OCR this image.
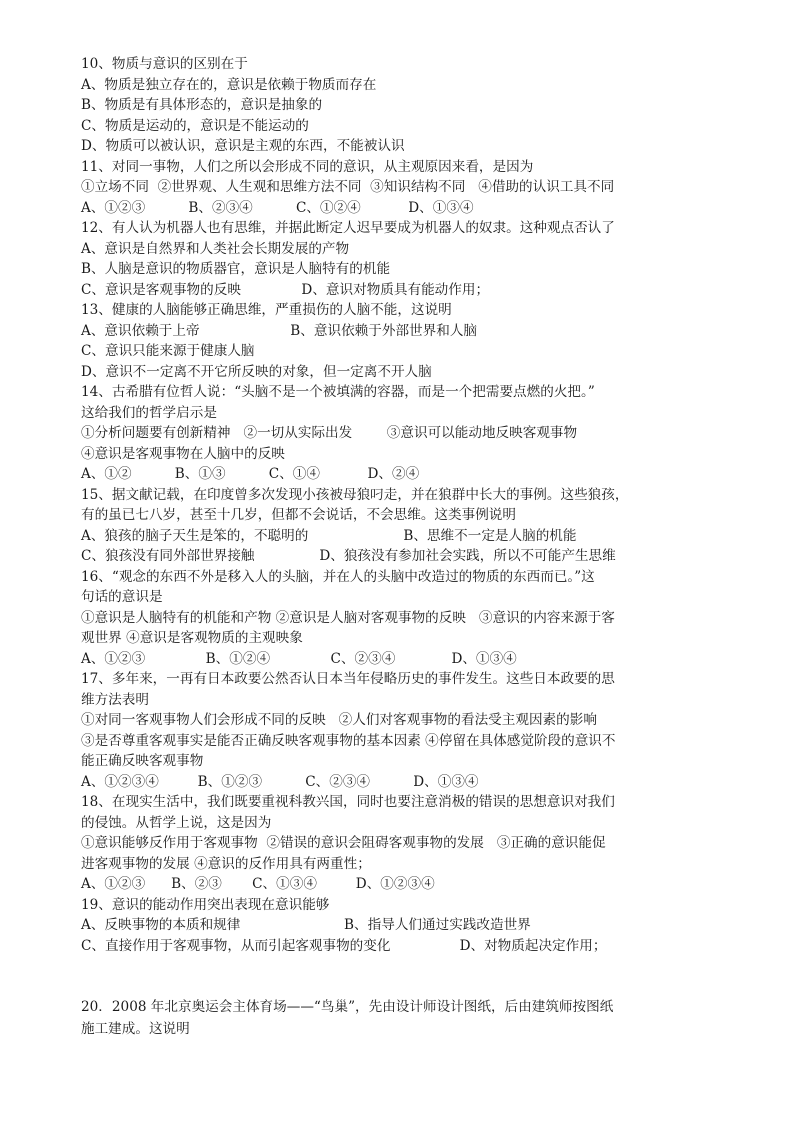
10、物质与意识的区别在于
A、物质是独立存在的，意识是依赖于物质而存在
B、物质是有具体形态的，意识是抽象的
C、物质是运动的，意识是不能运动的
D、物质可以被认识，意识是主观的东西，不能被认识
11、对同一事物，人们之所以会形成不同的意识，从主观原因来看，是因为
①立场不同  ②世界观、人生观和思维方法不同  ③知识结构不同   ④借助的认识工具不同
A、①②③          B、②③④          C、①②④           D、①③④
12、有人认为机器人也有思维，并据此断定人迟早要成为机器人的奴隶。这种观点否认了
A、意识是自然界和人类社会长期发展的产物
B、人脑是意识的物质器官，意识是人脑特有的机能
C、意识是客观事物的反映              D、意识对物质具有能动作用；
13、健康的人脑能够正确思维，严重损伤的人脑不能，这说明
A、意识依赖于上帝                     B、意识依赖于外部世界和人脑
C、意识只能来源于健康人脑
D、意识不一定离不开它所反映的对象，但一定离不开人脑
14、古希腊有位哲人说：“头脑不是一个被填满的容器，而是一个把需要点燃的火把。”
这给我们的哲学启示是
①分析问题要有创新精神   ②一切从实际出发        ③意识可以能动地反映客观事物
④意识是客观事物在人脑中的反映
A、①②          B、①③          C、①④           D、②④
15、据文献记载，在印度曾多次发现小孩被母狼叼走，并在狼群中长大的事例。这些狼孩，
有的虽已七八岁，甚至十几岁，但都不会说话，不会思维。这类事例说明
A、狼孩的脑子天生是笨的，不聪明的                      B、思维不一定是人脑的机能
C、狼孩没有同外部世界接触               D、狼孩没有参加社会实践，所以不可能产生思维
16、“观念的东西不外是移入人的头脑，并在人的头脑中改造过的物质的东西而已。”这
句话的意识是
①意识是人脑特有的机能和产物 ②意识是人脑对客观事物的反映   ③意识的内容来源于客
观世界 ④意识是客观物质的主观映象
A、①②③              B、①②④              C、②③④             D、①③④
17、多年来，一再有日本政要公然否认日本当年侵略历史的事件发生。这些日本政要的思
维方法表明
①对同一客观事物人们会形成不同的反映   ②人们对客观事物的看法受主观因素的影响
③是否尊重客观事实是能否正确反映客观事物的基本因素 ④停留在具体感觉阶段的意识不
能正确反映客观事物
A、①②③④         B、①②③          C、②③④          D、①③④
18、在现实生活中，我们既要重视科教兴国，同时也要注意消极的错误的思想意识对我们
的侵蚀。从哲学上说，这是因为
①意识能够反作用于客观事物  ②错误的意识会阻碍客观事物的发展   ③正确的意识能促
进客观事物的发展 ④意识的反作用具有两重性；
A、①②③      B、②③       C、①③④         D、①②③④
19、意识的能动作用突出表现在意识能够
A、反映事物的本质和规律                        B、指导人们通过实践改造世界
C、直接作用于客观事物，从而引起客观事物的变化                D、对物质起决定作用；
20．2008 年北京奥运会主体育场——“鸟巢”，先由设计师设计图纸，后由建筑师按图纸
施工建成。这说明
